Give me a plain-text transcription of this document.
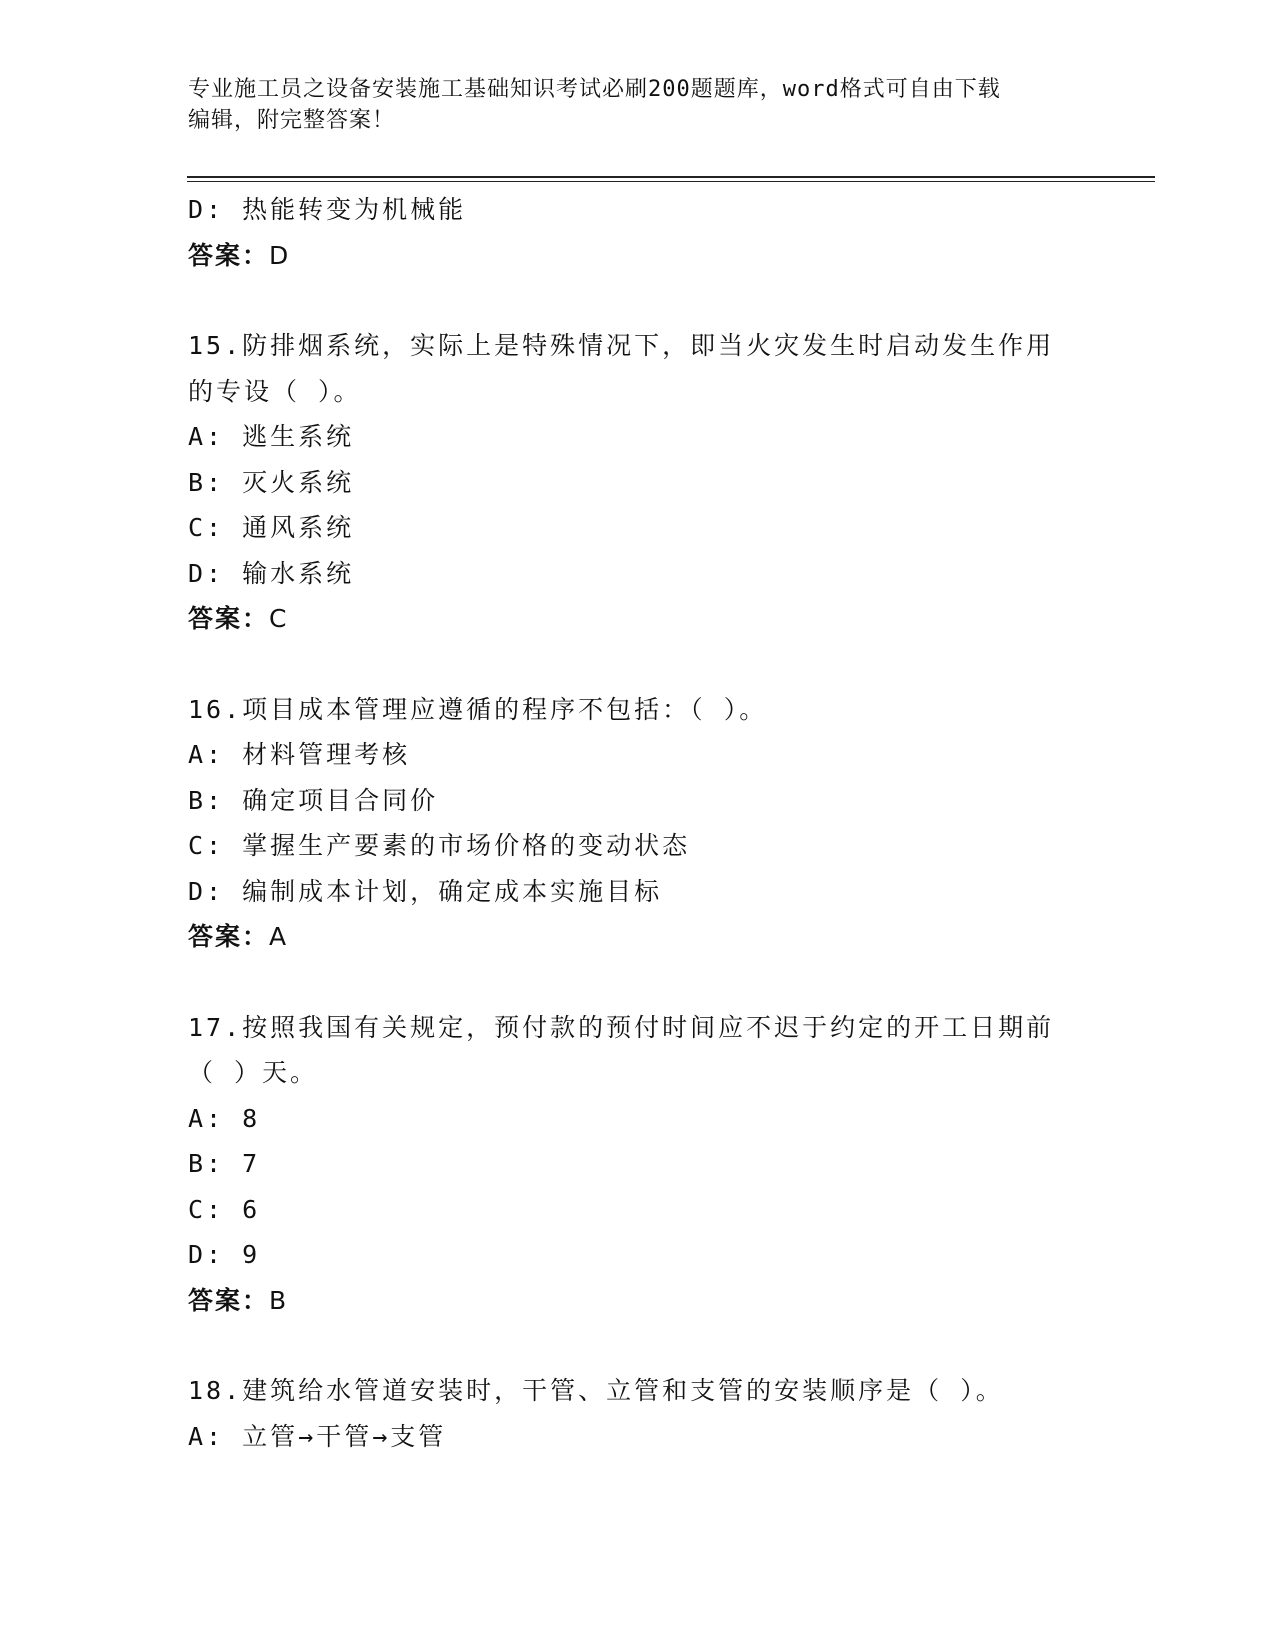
专业施工员之设备安装施工基础知识考试必刷200题题库，word格式可自由下载
编辑，附完整答案！
D: 热能转变为机械能
答案：D
15.防排烟系统，实际上是特殊情况下，即当火灾发生时启动发生作用
的专设（ ）。
A: 逃生系统
B: 灭火系统
C: 通风系统
D: 输水系统
答案：C
16.项目成本管理应遵循的程序不包括：（ ）。
A: 材料管理考核
B: 确定项目合同价
C: 掌握生产要素的市场价格的变动状态
D: 编制成本计划，确定成本实施目标
答案：A
17.按照我国有关规定，预付款的预付时间应不迟于约定的开工日期前
（ ）天。
A: 8
B: 7
C: 6
D: 9
答案：B
18.建筑给水管道安装时，干管、立管和支管的安装顺序是（ ）。
A: 立管→干管→支管
